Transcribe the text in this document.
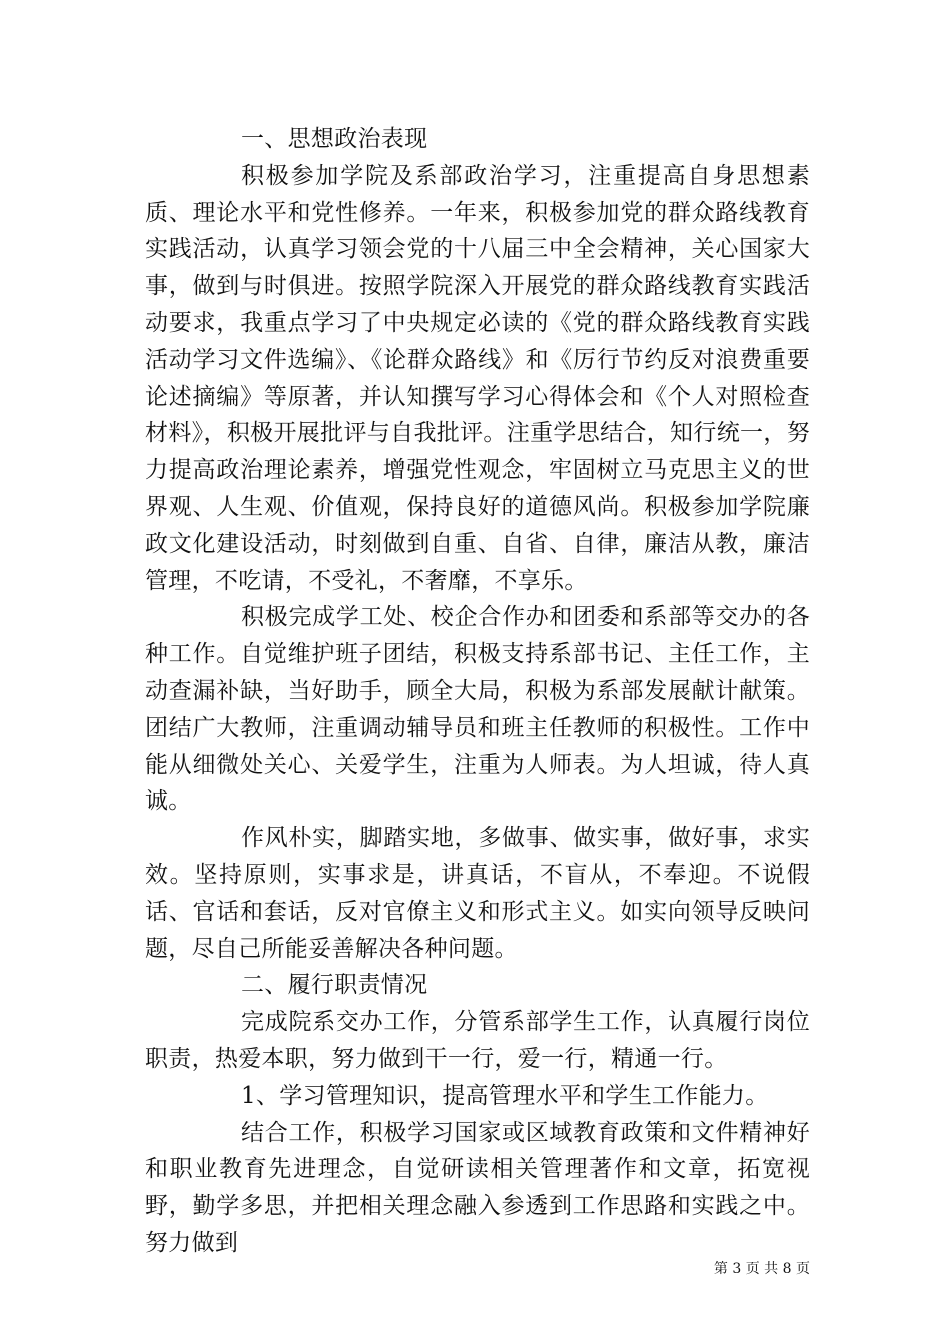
一、思想政治表现

积极参加学院及系部政治学习，注重提高自身思想素质、理论水平和党性修养。一年来，积极参加党的群众路线教育实践活动，认真学习领会党的十八届三中全会精神，关心国家大事，做到与时俱进。按照学院深入开展党的群众路线教育实践活动要求，我重点学习了中央规定必读的《党的群众路线教育实践活动学习文件选编》、《论群众路线》和《厉行节约反对浪费重要论述摘编》等原著，并认知撰写学习心得体会和《个人对照检查材料》，积极开展批评与自我批评。注重学思结合，知行统一，努力提高政治理论素养，增强党性观念，牢固树立马克思主义的世界观、人生观、价值观，保持良好的道德风尚。积极参加学院廉政文化建设活动，时刻做到自重、自省、自律，廉洁从教，廉洁管理，不吃请，不受礼，不奢靡，不享乐。

积极完成学工处、校企合作办和团委和系部等交办的各种工作。自觉维护班子团结，积极支持系部书记、主任工作，主动查漏补缺，当好助手，顾全大局，积极为系部发展献计献策。团结广大教师，注重调动辅导员和班主任教师的积极性。工作中能从细微处关心、关爱学生，注重为人师表。为人坦诚，待人真诚。

作风朴实，脚踏实地，多做事、做实事，做好事，求实效。坚持原则，实事求是，讲真话，不盲从，不奉迎。不说假话、官话和套话，反对官僚主义和形式主义。如实向领导反映问题，尽自己所能妥善解决各种问题。

二、履行职责情况

完成院系交办工作，分管系部学生工作，认真履行岗位职责，热爱本职，努力做到干一行，爱一行，精通一行。

1、学习管理知识，提高管理水平和学生工作能力。

结合工作，积极学习国家或区域教育政策和文件精神好和职业教育先进理念，自觉研读相关管理著作和文章，拓宽视野，勤学多思，并把相关理念融入参透到工作思路和实践之中。努力做到

第 3 页 共 8 页
